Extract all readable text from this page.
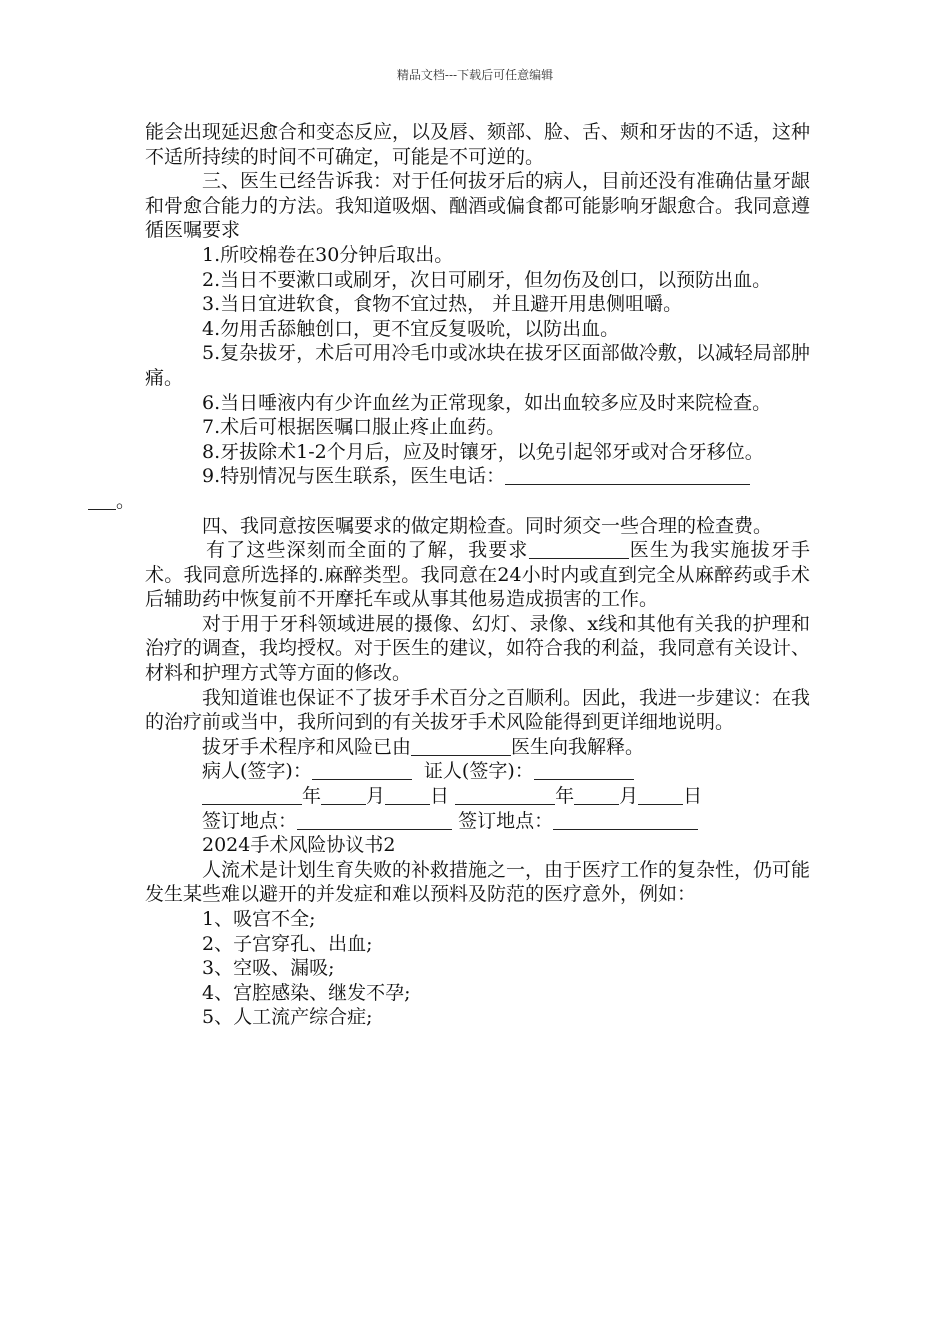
精品文档---下载后可任意编辑

能会出现延迟愈合和变态反应，以及唇、颏部、脸、舌、颊和牙齿的不适，这种不适所持续的时间不可确定，可能是不可逆的。

三、医生已经告诉我：对于任何拔牙后的病人，目前还没有准确估量牙龈和骨愈合能力的方法。我知道吸烟、酗酒或偏食都可能影响牙龈愈合。我同意遵循医嘱要求

1.所咬棉卷在30分钟后取出。

2.当日不要漱口或刷牙，次日可刷牙，但勿伤及创口，以预防出血。

3.当日宜进软食，食物不宜过热， 并且避开用患侧咀嚼。

4.勿用舌舔触创口，更不宜反复吸吮，以防出血。

5.复杂拔牙，术后可用冷毛巾或冰块在拔牙区面部做冷敷，以减轻局部肿痛。

6.当日唾液内有少许血丝为正常现象，如出血较多应及时来院检查。

7.术后可根据医嘱口服止疼止血药。

8.牙拔除术1-2个月后，应及时镶牙，以免引起邻牙或对合牙移位。

9.特别情况与医生联系，医生电话：
。

四、我同意按医嘱要求的做定期检查。同时须交一些合理的检查费。

有了这些深刻而全面的了解，我要求	医生为我实施拔牙手术。我同意所选择的.麻醉类型。我同意在24小时内或直到完全从麻醉药或手术后辅助药中恢复前不开摩托车或从事其他易造成损害的工作。

对于用于牙科领域进展的摄像、幻灯、录像、x线和其他有关我的护理和治疗的调查，我均授权。对于医生的建议，如符合我的利益，我同意有关设计、材料和护理方式等方面的修改。

我知道谁也保证不了拔牙手术百分之百顺利。因此，我进一步建议：在我的治疗前或当中，我所问到的有关拔牙手术风险能得到更详细地说明。

拔牙手术程序和风险已由	医生向我解释。

病人(签字)：	证人(签字)：

年 月 日	年 月 日

签订地点：	签订地点：

2024手术风险协议书2

人流术是计划生育失败的补救措施之一，由于医疗工作的复杂性，仍可能发生某些难以避开的并发症和难以预料及防范的医疗意外，例如：

1、吸宫不全;

2、子宫穿孔、出血;

3、空吸、漏吸;

4、宫腔感染、继发不孕;

5、人工流产综合症;
